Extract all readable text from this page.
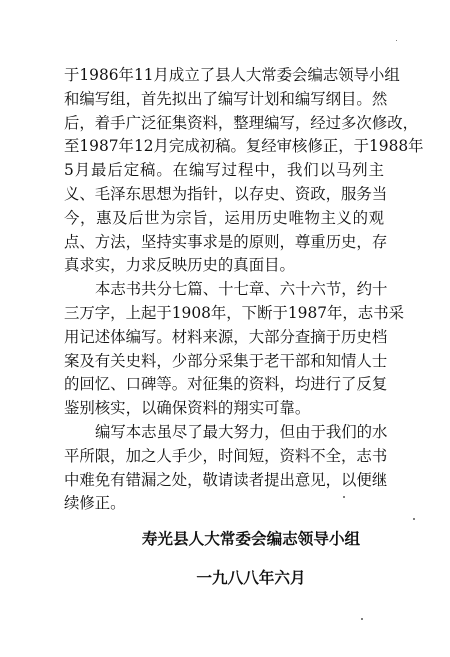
于1986年11月成立了县人大常委会编志领导小组
和编写组，首先拟出了编写计划和编写纲目。然
后，着手广泛征集资料，整理编写，经过多次修改，
至1987年12月完成初稿。复经审核修正，于1988年
5月最后定稿。在编写过程中，我们以马列主
义、毛泽东思想为指针，以存史、资政，服务当
今，惠及后世为宗旨，运用历史唯物主义的观
点、方法，坚持实事求是的原则，尊重历史，存
真求实，力求反映历史的真面目。
本志书共分七篇、十七章、六十六节，约十
三万字，上起于1908年，下断于1987年，志书采
用记述体编写。材料来源，大部分查摘于历史档
案及有关史料，少部分采集于老干部和知情人士
的回忆、口碑等。对征集的资料，均进行了反复
鉴别核实，以确保资料的翔实可靠。
编写本志虽尽了最大努力，但由于我们的水
平所限，加之人手少，时间短，资料不全，志书
中难免有错漏之处，敬请读者提出意见，以便继
续修正。
寿光县人大常委会编志领导小组
一九八八年六月
